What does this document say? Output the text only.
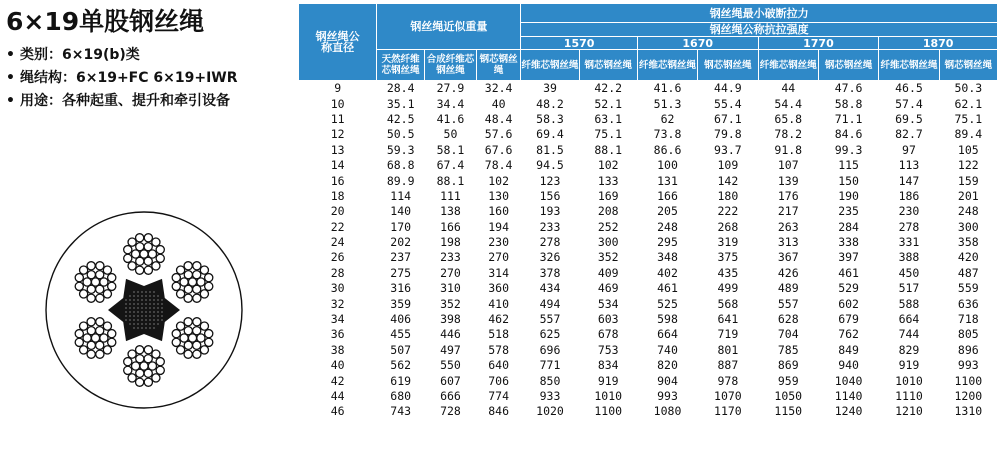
6×19单股钢丝绳
• 类别：6×19(b)类
• 绳结构：6×19+FC 6×19+IWR
• 用途：各种起重、提升和牵引设备
钢丝绳公称直径	钢丝绳近似重量			钢丝绳最小破断拉力							
				钢丝绳公称抗拉强度							
				1570		1670		1770		1870	
	天然纤维芯钢丝绳	合成纤维芯钢丝绳	钢芯钢丝绳	纤维芯钢丝绳	钢芯钢丝绳	纤维芯钢丝绳	钢芯钢丝绳	纤维芯钢丝绳	钢芯钢丝绳	纤维芯钢丝绳	钢芯钢丝绳
9	28.4	27.9	32.4	39	42.2	41.6	44.9	44	47.6	46.5	50.3
10	35.1	34.4	40	48.2	52.1	51.3	55.4	54.4	58.8	57.4	62.1
11	42.5	41.6	48.4	58.3	63.1	62	67.1	65.8	71.1	69.5	75.1
12	50.5	50	57.6	69.4	75.1	73.8	79.8	78.2	84.6	82.7	89.4
13	59.3	58.1	67.6	81.5	88.1	86.6	93.7	91.8	99.3	97	105
14	68.8	67.4	78.4	94.5	102	100	109	107	115	113	122
16	89.9	88.1	102	123	133	131	142	139	150	147	159
18	114	111	130	156	169	166	180	176	190	186	201
20	140	138	160	193	208	205	222	217	235	230	248
22	170	166	194	233	252	248	268	263	284	278	300
24	202	198	230	278	300	295	319	313	338	331	358
26	237	233	270	326	352	348	375	367	397	388	420
28	275	270	314	378	409	402	435	426	461	450	487
30	316	310	360	434	469	461	499	489	529	517	559
32	359	352	410	494	534	525	568	557	602	588	636
34	406	398	462	557	603	598	641	628	679	664	718
36	455	446	518	625	678	664	719	704	762	744	805
38	507	497	578	696	753	740	801	785	849	829	896
40	562	550	640	771	834	820	887	869	940	919	993
42	619	607	706	850	919	904	978	959	1040	1010	1100
44	680	666	774	933	1010	993	1070	1050	1140	1110	1200
46	743	728	846	1020	1100	1080	1170	1150	1240	1210	1310
